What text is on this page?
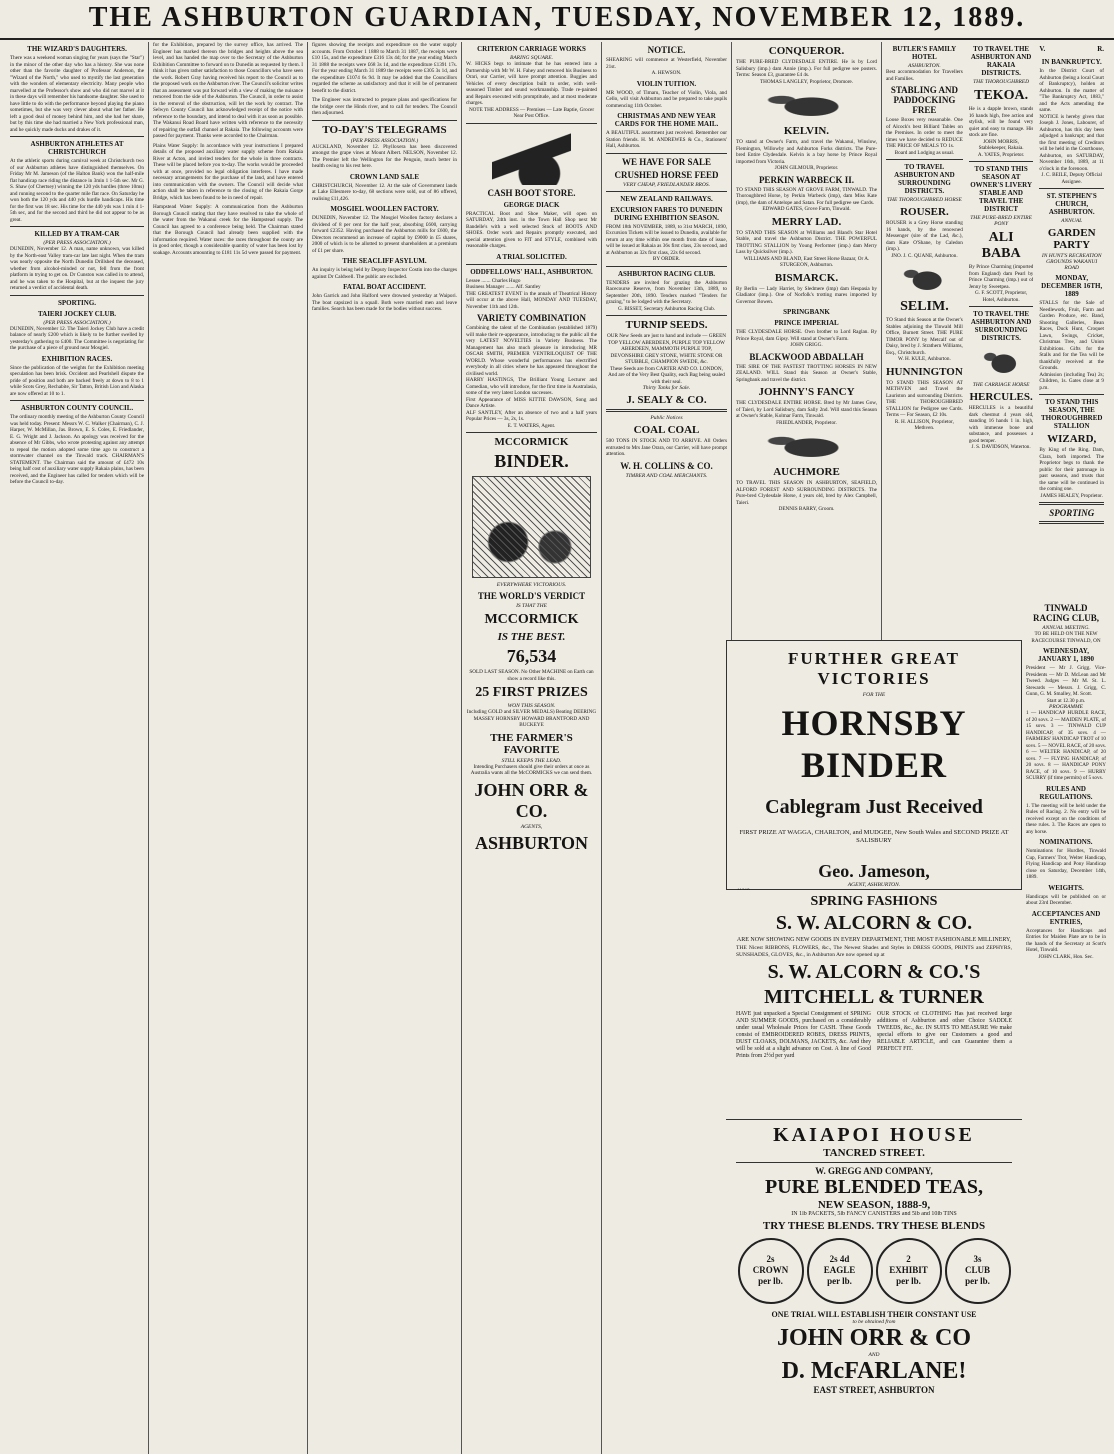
THE ASHBURTON GUARDIAN, TUESDAY, NOVEMBER 12, 1889.
THE WIZARD'S DAUGHTERS.
There was a weekend woman singing for years (says the "Star") in the minor of the other day who has a history. She was none other than the favorite daughter of Professor Anderson, the "Wizard of the North," who used to mystify the last generation with the wonders of elementary electricity. Many people who marvelled at the Professor's show and who did not marvel at it in these days will remember his handsome daughter. She used to have little to do with the performance beyond playing the piano sometimes, but she was very clever about what her father. He left a good deal of money behind him, and she had her share, but by this time she had married a New York professional man, and he quickly made ducks and drakes of it.
ASHBURTON ATHLETES AT CHRISTCHURCH
At the athletic sports during carnival week at Christchurch two of our Ashburton athletes have distinguished themselves. On Friday Mr M. Jameson (of the Halton Bank) won the half-mile flat handicap race riding the distance in 3min 1 1-5th sec. Mr G. S. Shaw (of Chertsey) winning the 120 yds hurdles (three 10ms) and running second to the quarter mile flat race. On Saturday he won both the 120 yds and 440 yds hurdle handicaps. His time for the first was 18 sec. His time for the 440 yds was 1 min 4 1-5th sec, and for the second and third he did not appear to be as great.
KILLED BY A TRAM-CAR
(PER PRESS ASSOCIATION.)
DUNEDIN, November 12. A man, name unknown, was killed by the North-east Valley tram-car late last night. When the tram was nearly opposite the North Dunedin Drillshed the deceased, whether from alcohol-minded or not, fell from the front platform in trying to get on. Dr Cunston was called in to attend, and he was taken to the Hospital, but at the inquest the jury returned a verdict of accidental death.
SPORTING.
TAIERI JOCKEY CLUB.
(PER PRESS ASSOCIATION.)
DUNEDIN, November 12. The Taieri Jockey Club have a credit balance of nearly £200 which is likely to be further swelled by yesterday's gathering to £400. The Committee is negotiating for the purchase of a piece of ground near Mosgiel.
EXHIBITION RACES.
Since the publication of the weights for the Exhibition meeting speculation has been brisk. Occident and Pearlshell dispute the pride of position and both are backed freely at down to 8 to 1 while Scots Grey, Rechabite, Sir Tatton, British Lion and Alaska are now offered at 10 to 1.
ASHBURTON COUNTY COUNCIL.
The ordinary monthly meeting of the Ashburton County Council was held today. Present: Messrs W. C. Walker (Chairman), C. J. Harper, W. McMillan, Jas. Brown, E. S. Coles, E. Friedlander, E. G. Wright and J. Jackson. An apology was received for the absence of Mr Gibbs, who wrote protesting against any attempt to repeal the motion adopted some time ago to construct a stormwater channel on the Tinwald track. CHAIRMAN'S STATEMENT. The Chairman said the amount of £472 10s being half cost of auxiliary water supply Rakaia plains, has been received, and the Engineer has called for tenders which will be before the Council to-day.
for the Exhibition, prepared by the survey office, has arrived. The Engineer has marked thereon the bridges and heights above the sea level, and has handed the map over to the Secretary of the Ashburton Exhibition Committee to forward on to Dunedin as requested by them. I think it has given rather satisfaction to those Councillors who have seen the work. Robert Gray having received his report to the Council as to the proposed work on the Ashburton river. The Council's solicitor writes that an assessment was put forward with a view of making the nuisance removed from the side of the Ashburton. The Council, in order to assist in the removal of the obstruction, will let the work by contract. The Selwyn County Council has acknowledged receipt of the notice with reference to the boundary, and intend to deal with it as soon as possible. The Wakanui Road Board have written with reference to the necessity of repairing the outfall channel at Rakaia. The following accounts were passed for payment. Thanks were accorded to the Chairman.
Plains Water Supply: In accordance with your instructions I prepared details of the proposed auxiliary water supply scheme from Rakaia River at Acton, and invited tenders for the whole in three contracts. These will be placed before you to-day. The works would be proceeded with at once, provided no legal obligation interferes. I have made necessary arrangements for the purchase of the land, and have entered into communication with the owners. The Council will decide what action shall be taken in reference to the closing of the Rakaia Gorge Bridge, which has been found to be in need of repair.
Hampstead Water Supply: A communication from the Ashburton Borough Council stating that they have resolved to take the whole of the water from the Wakanui creek for the Hampstead supply. The Council has agreed to a conference being held. The Chairman stated that the Borough Council had already been supplied with the information required. Water races: the races throughout the county are in good order, though a considerable quantity of water has been lost by soakage. Accounts amounting to £181 11s 5d were passed for payment.
figures showing the receipts and expenditure on the water supply accounts. From October 1 1888 to March 31 1887, the receipts were £10 15s, and the expenditure £316 13s 4d; for the year ending March 31 1888 the receipts were £68 3s 1d, and the expenditure £1391 17s. For the year ending March 31 1889 the receipts were £305 3s 1d, and the expenditure £1074 6s 9d. It may be added that the Councillors regarded the scheme as satisfactory and that it will be of permanent benefit to the district.
The Engineer was instructed to prepare plans and specifications for the bridge over the Hinds river, and to call for tenders. The Council then adjourned.
TO-DAY'S TELEGRAMS
(PER PRESS ASSOCIATION.)
AUCKLAND, November 12. Phylloxera has been discovered amongst the grape vines at Mount Albert. NELSON, November 12. The Premier left the Wellington for the Penguin, much better in health owing to his rest here.
CROWN LAND SALE
CHRISTCHURCH, November 12. At the sale of Government lands at Lake Ellesmere to-day, 68 sections were sold, out of 86 offered, realising £11,426.
MOSGIEL WOOLLEN FACTORY.
DUNEDIN, November 12. The Mosgiel Woollen factory declares a dividend of 8 per cent for the half year, absorbing £600, carrying forward £2352. Having purchased the Ashburton mills for £600, the Directors recommend an increase of capital by £9000 in £5 shares, 2000 of which is to be allotted to present shareholders at a premium of £1 per share.
THE SEACLIFF ASYLUM.
An inquiry is being held by Deputy Inspector Costin into the charges against Dr Caldwell. The public are excluded.
FATAL BOAT ACCIDENT.
John Garrick and John Halford were drowned yesterday at Waipori. The boat capsized in a squall. Both were married men and leave families. Search has been made for the bodies without success.
CRITERION CARRIAGE WORKS
BARING SQUARE.
W. HICKS begs to intimate that he has entered into a Partnership with Mr W. H. Fahey and removed his Business to Orari, our Carrier, will have prompt attention. Buggies and Vehicles of every description built to order, with well-seasoned Timber and sound workmanship. Trade re-painted and Repairs executed with promptitude, and at most moderate charges.
NOTE THE ADDRESS — Premises — Late Baptie, Grocer Near Post Office.
CASH BOOT STORE.
GEORGE DIACK
PRACTICAL Boot and Shoe Maker, will open on SATURDAY, 24th inst. in the Town Hall Shop next Mr Bandelle's with a well selected Stock of BOOTS AND SHOES. Order work and Repairs promptly executed, and special attention given to FIT and STYLE, combined with reasonable charges.
A TRIAL SOLICITED.
ODDFELLOWS' HALL, ASHBURTON.
Lessee ....... Charles Hugo
Business Manager ....... Alf. Santley
THE GREATEST EVENT in the annals of Theatrical History will occur at the above Hall, MONDAY AND TUESDAY, November 11th and 12th.
VARIETY COMBINATION
Combining the talent of the Combination (established 1879) will make their re-appearance, introducing to the public all the very LATEST NOVELTIES in Variety Business. The Management has also much pleasure in introducing MR OSCAR SMITH, PREMIER VENTRILOQUIST OF THE WORLD. Whose wonderful performances has electrified everybody in all cities where he has appeared throughout the civilised world.
HARRY HASTINGS, The Brilliant Young Lecturer and Comedian, who will introduce, for the first time in Australasia, some of the very latest London successes.
First Appearance of MISS KITTIE DAWSON, Song and Dance Artiste.
ALF SANTLEY, After an absence of two and a half years Popular Prices — 3s, 2s, 1s.
E. T. WATERS, Agent.
MCCORMICK
BINDER.
EVERYWHERE VICTORIOUS.
THE WORLD'S VERDICT
IS THAT THE
MCCORMICK
IS THE BEST.
76,534
SOLD LAST SEASON. No Other MACHINE on Earth can show a record like this.
25 FIRST PRIZES
WON THIS SEASON.
Including GOLD and SILVER MEDALS) Beating DEERING MASSEY HORNSBY HOWARD BRANTFORD AND BUCKEYE
THE FARMER'S FAVORITE
STILL KEEPS THE LEAD.
Intending Purchasers should give their orders at once as Australia wants all the McCORMICKS we can send them.
JOHN ORR & CO.
AGENTS,
ASHBURTON
NOTICE.
SHEARING will commence at Westerfield, November 21st.
A. HEWSON.
VIOLIN TUITION.
MR WOOD, of Timaru, Teacher of Violin, Viola, and Cello, will visit Ashburton and be prepared to take pupils commencing 11th October.
CHRISTMAS AND NEW YEAR CARDS FOR THE HOME MAIL.
A BEAUTIFUL assortment just received. Remember our Station friends. H. M. ANDREWES & Co., Stationers' Hall, Ashburton.
WE HAVE FOR SALE
CRUSHED HORSE FEED
VERY CHEAP, FRIEDLANDER BROS.
NEW ZEALAND RAILWAYS.
EXCURSION FARES TO DUNEDIN DURING EXHIBITION SEASON.
FROM 18th NOVEMBER, 1889, to 31st MARCH, 1890, Excursion Tickets will be issued to Dunedin, available for return at any time within one month from date of issue, will be issued at Rakaia as 36s first class, 23s second, and at Ashburton as 32s first class, 22s 6d second.
BY ORDER.
ASHBURTON RACING CLUB.
TENDERS are invited for grazing the Ashburton Racecourse Reserve, from November 13th, 1889, to September 20th, 1890. Tenders marked "Tenders for grazing," to be lodged with the Secretary.
G. BISSET, Secretary Ashburton Racing Club.
TURNIP SEEDS.
OUR New Seeds are just to hand and include — GREEN TOP YELLOW ABERDEEN, PURPLE TOP YELLOW ABERDEEN, MAMMOTH PURPLE TOP, DEVONSHIRE GREY STONE, WHITE STONE OR STUBBLE, CHAMPION SWEDE, &c.
These Seeds are from CARTER AND CO. LONDON, And are of the Very Best Quality, each Bag being sealed with their seal.
Thirty Tanks for Sale.
J. SEALY & CO.
Public Notices
COAL COAL
500 TONS IN STOCK AND TO ARRIVE. All Orders entrusted to Mrs Jane Orara, our Carrier, will have prompt attention.
W. H. COLLINS & CO.
TIMBER AND COAL MERCHANTS.
CONQUEROR.
THE PURE-BRED CLYDESDALE ENTIRE. He is by Lord Salisbury (imp.) dam Annie (imp.). For full pedigree see posters. Terms: Season £3, guarantee £4 4s.
THOMAS LANGLEY, Proprietor, Dromore.
KELVIN.
TO stand at Owner's Farm, and travel the Wakanui, Winslow, Flemington, Willowby and Ashburton Forks districts. The Pure-bred Entire Clydesdale. Kelvin is a bay horse by Prince Royal imported from Victoria.
JOHN GILMOUR, Proprietor.
PERKIN WARBECK II.
TO STAND THIS SEASON AT GROVE FARM, TINWALD. The Thoroughbred Horse, by Perkin Warbeck (imp), dam Miss Kate (imp), the dam of Antelope and Satan. For full pedigree see Cards.
EDWARD GATES, Grove Farm, Tinwald.
MERRY LAD.
TO STAND THIS SEASON at Williams and Bland's Star Hotel Stable, and travel the Ashburton District. THE POWERFUL TROTTING STALLION by Young Performer (imp.) dam Merry Lass by Quicksilver (imp.).
WILLIAMS AND BLAND, East Street Horse Bazaar, Or A. STURGEON, Ashburton.
BISMARCK.
By Berlin — Lady Harriet, by Sledmere (imp) dam Hespasia by Gladiator (imp.). One of Norfolk's trotting mares imported by Governor Bowen.
SPRINGBANK
PRINCE IMPERIAL
THE CLYDESDALE HORSE. Own brother to Lord Raglan. By Prince Royal, dam Gipsy. Will stand at Owner's Farm.
JOHN GRIGG.
BLACKWOOD ABDALLAH
THE SIRE OF THE FASTEST TROTTING HORSES IN NEW ZEALAND. WILL Stand this Season at Owner's Stable, Springbank and travel the district.
JOHNNY'S FANCY
THE CLYDESDALE ENTIRE HORSE. Bred by Mr James Gow, of Taieri, by Lord Salisbury, dam Sally 2nd. Will stand this Season at Owner's Stable, Kolmar Farm, Tinwald.
FRIEDLANDER, Proprietor.
AUCHMORE
TO TRAVEL THIS SEASON IN ASHBURTON, SEAFIELD, ALFORD FOREST AND SURROUNDING DISTRICTS. The Pure-bred Clydesdale Horse, 4 years old, bred by Alex Campbell, Taieri.
DENNIS BARRY, Groom.
BUTLER'S FAMILY HOTEL
ASHBURTON.
Best accommodation for Travellers and Families.
STABLING AND PADDOCKING FREE
Loose Boxes very reasonable. One of Alcock's best Billiard Tables on the Premises. In order to meet the times we have decided to REDUCE THE PRICE OF MEALS TO 1s.
Board and Lodging as usual.
TO TRAVEL ASHBURTON AND SURROUNDING DISTRICTS.
THE THOROUGHBRED HORSE
ROUSER.
ROUSER is a Grey Horse standing 16 hands, by the renowned Messenger (sire of the Lad, &c.), dam Kate O'Shane, by Caledon (imp.).
JNO. J. C. QUANE, Ashburton.
SELIM.
TO Stand this Season at the Owner's Stables adjoining the Tinwald Mill Office, Burnett Street. THE PURE TIMOR PONY by Metcalf out of Daisy, bred by J. Strathern Williams, Esq., Christchurch.
W. H. KULE, Ashburton.
HUNNINGTON
TO STAND THIS SEASON AT METHVEN and Travel the Lauriston and surrounding Districts. THE THOROUGHBRED STALLION for Pedigree see Cards. Terms — For Season, £2 10s.
R. H. ALLISON, Proprietor, Methven.
TO TRAVEL THE ASHBURTON AND RAKAIA DISTRICTS.
THE THOROUGHBRED
TEKOA.
He is a dapple brown, stands 16 hands high, free action and stylish, will be found very quiet and easy to manage. His stock are fine.
JOHN MORRIS, Stablekeeper, Rakaia.
A. YATES, Proprietor.
TO STAND THIS SEASON AT OWNER'S LIVERY STABLE AND TRAVEL THE DISTRICT
THE PURE-BRED ENTIRE PONY
ALI BABA
By Prince Charming (imported from England) dam Pearl by Prince Charming (imp.) out of Jenny by Sweetpea.
G. F. SCOTT, Proprietor, Hotel, Ashburton.
TO TRAVEL THE ASHBURTON AND SURROUNDING DISTRICTS.
THE CARRIAGE HORSE
HERCULES.
HERCULES is a beautiful dark chestnut 4 years old, standing 16 hands 1 in. high, with immense bone and substance, and possesses a good temper.
J. S. DAVIDSON, Waterton.
V.	R.
IN BANKRUPTCY.
In the District Court of Ashburton (being a local Court of Bankruptcy), holden at Ashburton. In the matter of "The Bankruptcy Act, 1883," and the Acts amending the same.
NOTICE is hereby given that Joseph J. Jones, Labourer, of Ashburton, has this day been adjudged a bankrupt; and that the first meeting of Creditors will be held in the Courthouse, Ashburton, on SATURDAY, November 16th, 1889, at 11 o'clock in the forenoon.
J. C. BEILE, Deputy Official Assignee.
ST. STEPHEN'S CHURCH, ASHBURTON.
ANNUAL
GARDEN PARTY
IN HUNT'S RECREATION GROUNDS WAKANUI ROAD
MONDAY, DECEMBER 16TH, 1889
STALLS for the Sale of Needlework, Fruit, Farm and Garden Produce, etc. Band, Shooting Galleries, Bean Races, Duck Hunt, Croquet Lawn, Swings, Cricket, Christmas Tree, and Union Exhibitions. Gifts for the Stalls and for the Tea will be thankfully received at the Grounds.
Admission (including Tea) 2s; Children, 1s. Gates close at 9 p.m.
TO STAND THIS SEASON, THE THOROUGHBRED STALLION
WIZARD,
By King of the Ring. Dam, Clara, both imported. The Proprietor begs to thank the public for their patronage in past seasons, and trusts that the same will be continued in the coming one.
JAMES HEALEY, Proprietor.
SPORTING
TINWALD RACING CLUB,
ANNUAL MEETING.
TO BE HELD ON THE NEW RACECOURSE TINWALD, ON
WEDNESDAY, JANUARY 1, 1890
President — Mr J. Grigg. Vice-Presidents — Mr D. McLean and Mr Tweed. Judges — Mr M. St. L. Stewards — Messrs. J. Grigg, C. Gunn, G. M. Smalley, M. Scott.
Start at 12.30 p.m.
PROGRAMME
1 — HANDICAP HURDLE RACE, of 20 sovs. 2 — MAIDEN PLATE, of 15 sovs. 3 — TINWALD CUP HANDICAP, of 35 sovs. 4 — FARMERS' HANDICAP TROT of 10 sovs. 5 — NOVEL RACE, of 20 sovs. 6 — WELTER HANDICAP, of 20 sovs. 7 — FLYING HANDICAP, of 20 sovs. 8 — HANDICAP PONY RACE, of 10 sovs. 9 — HURRY SCURRY (if time permits) of 5 sovs.
RULES AND REGULATIONS.
1. The meeting will be held under the Rules of Racing. 2. No entry will be received except on the conditions of these rules. 3. The Races are open to any horse.
NOMINATIONS.
Nominations for Hurdles, Tinwald Cup, Farmers' Trot, Welter Handicap, Flying Handicap and Pony Handicap close on Saturday, December 14th, 1889.
WEIGHTS.
Handicaps will be published on or about 23rd December.
ACCEPTANCES AND ENTRIES,
Acceptances for Handicaps and Entries for Maiden Plate are to be in the hands of the Secretary at Scott's Hotel, Tinwald.
JOHN CLARK, Hon. Sec.
FURTHER GREAT VICTORIES
FOR THE
HORNSBY BINDER
Cablegram Just Received
FIRST PRIZE AT WAGGA, CHARLTON, and MUDGEE, New South Wales and SECOND PRIZE AT SALISBURY
Geo. Jameson,
AGENT, ASHBURTON.
SPRING FASHIONS
S. W. ALCORN & CO.
ARE NOW SHOWING NEW GOODS IN EVERY DEPARTMENT, THE MOST FASHIONABLE MILLINERY,
THE Nicest RIBBONS, FLOWERS, &c., The Newest Shades and Styles in DRESS GOODS, PRINTS and ZEPHYRS, SUNSHADES, GLOVES, &c., in Ashburton Are now opened up at
S. W. ALCORN & CO.'S
MITCHELL & TURNER
HAVE just unpacked a Special Consignment of SPRING AND SUMMER GOODS, purchased on a considerably under usual Wholesale Prices for CASH. These Goods consist of EMBROIDERED ROBES, DRESS PRINTS, DUST CLOAKS, DOLMANS, JACKETS, &c. And they will be sold at a slight advance on Cost. A line of Good Prints from 2½d per yard
OUR STOCK of CLOTHING Has just received large additions of Ashburton and other Choice SADDLE TWEEDS, &c., &c. IN SUITS TO MEASURE We make special efforts to give our Customers a good and RELIABLE ARTICLE, and can Guarantee them a PERFECT FIT.
KAIAPOI HOUSE
TANCRED STREET.
W. GREGG AND COMPANY,
PURE BLENDED TEAS,
NEW SEASON, 1888-9,
IN 1lb PACKETS, 5lb FANCY CANISTERS and 5lb and 10lb TINS
TRY THESE BLENDS. TRY THESE BLENDS
2s
CROWN
per lb.
2s 4d
EAGLE
per lb.
2
EXHIBIT
per lb.
3s
CLUB
per lb.
ONE TRIAL WILL ESTABLISH THEIR CONSTANT USE
to be obtained from
JOHN ORR & CO
AND
D. McFARLANE!
EAST STREET, ASHBURTON
